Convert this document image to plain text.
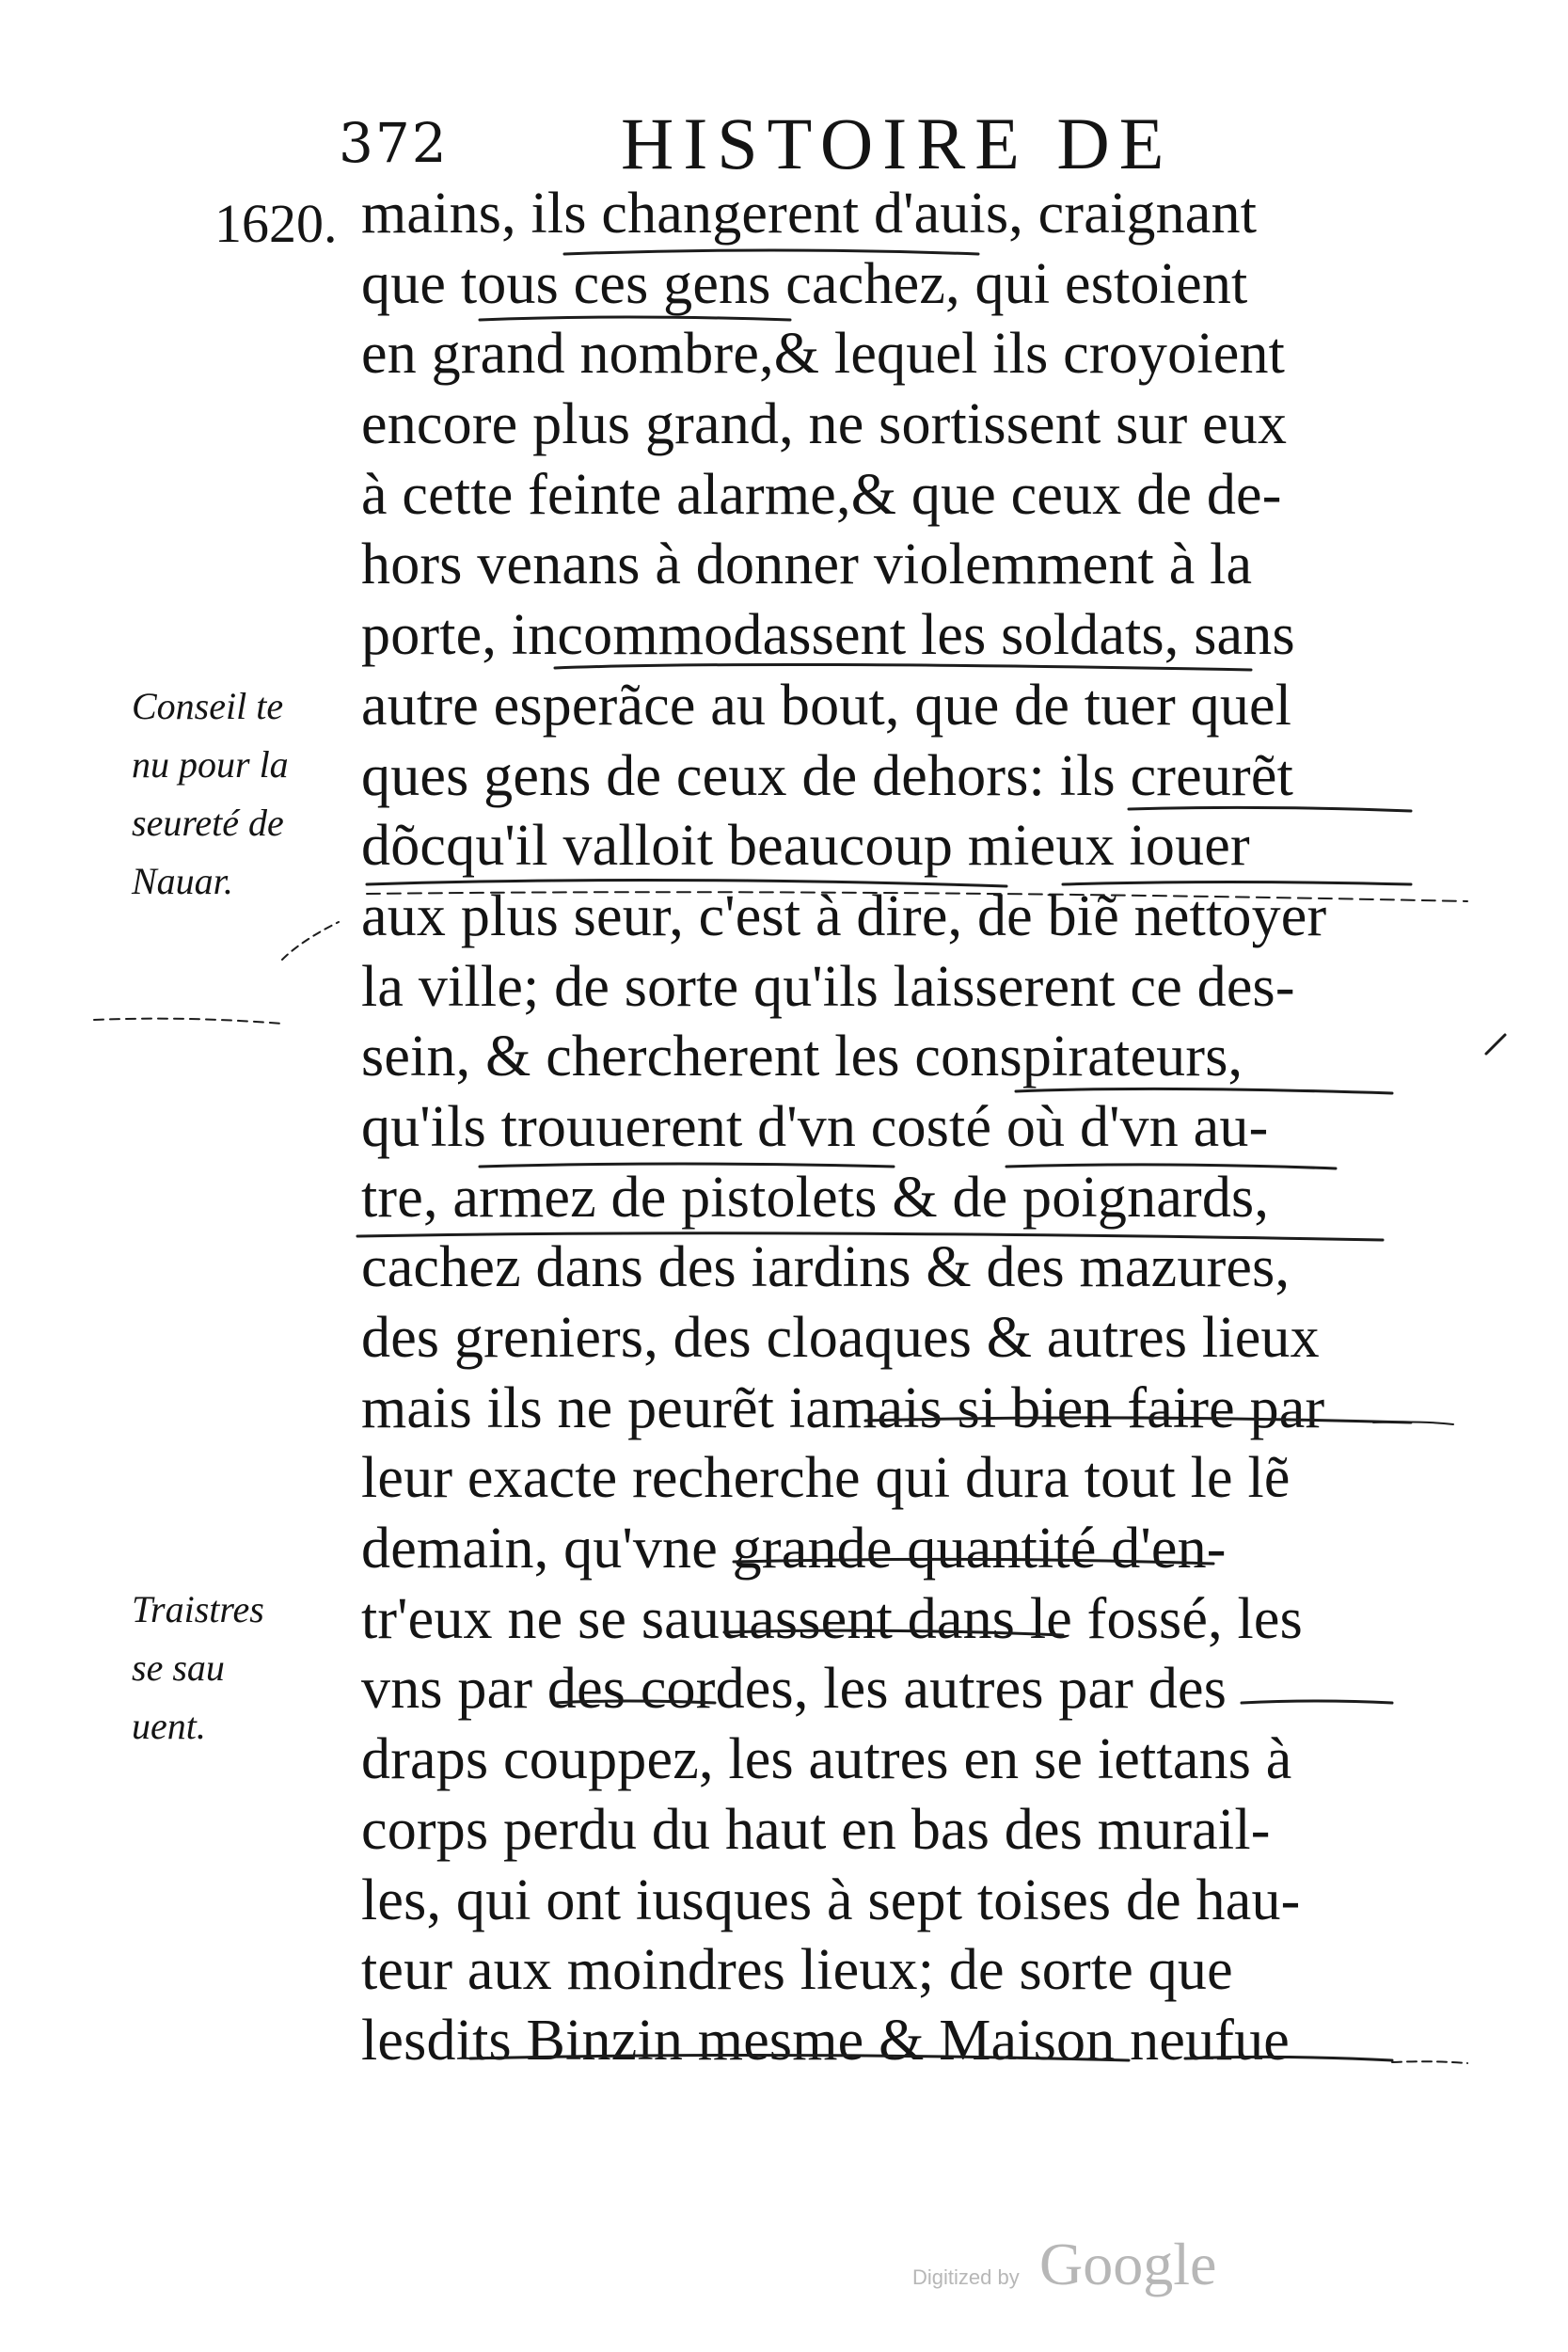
372 HISTOIRE DE
1620.
Conseil te
nu pour la
seureté de
Nauar.
Traistres
se sau
uent.
mains, ils changerent d'auis, craignant
que tous ces gens cachez, qui estoient
en grand nombre,& lequel ils croyoient
encore plus grand, ne sortissent sur eux
à cette feinte alarme,& que ceux de de-
hors venans à donner violemment à la
porte, incommodassent les soldats, sans
autre esperãce au bout, que de tuer quel
ques gens de ceux de dehors: ils creurẽt
dõcqu'il valloit beaucoup mieux iouer
aux plus seur, c'est à dire, de biẽ nettoyer
la ville; de sorte qu'ils laisserent ce des-
sein, & chercherent les conspirateurs,
qu'ils trouuerent d'vn costé où d'vn au-
tre, armez de pistolets & de poignards,
cachez dans des iardins & des mazures,
des greniers, des cloaques & autres lieux
mais ils ne peurẽt iamais si bien faire par
leur exacte recherche qui dura tout le lẽ
demain, qu'vne grande quantité d'en-
tr'eux ne se sauuassent dans le fossé, les
vns par des cordes, les autres par des
draps couppez, les autres en se iettans à
corps perdu du haut en bas des murail-
les, qui ont iusques à sept toises de hau-
teur aux moindres lieux; de sorte que
lesdits Binzin mesme & Maison neufue
Digitized by Google
